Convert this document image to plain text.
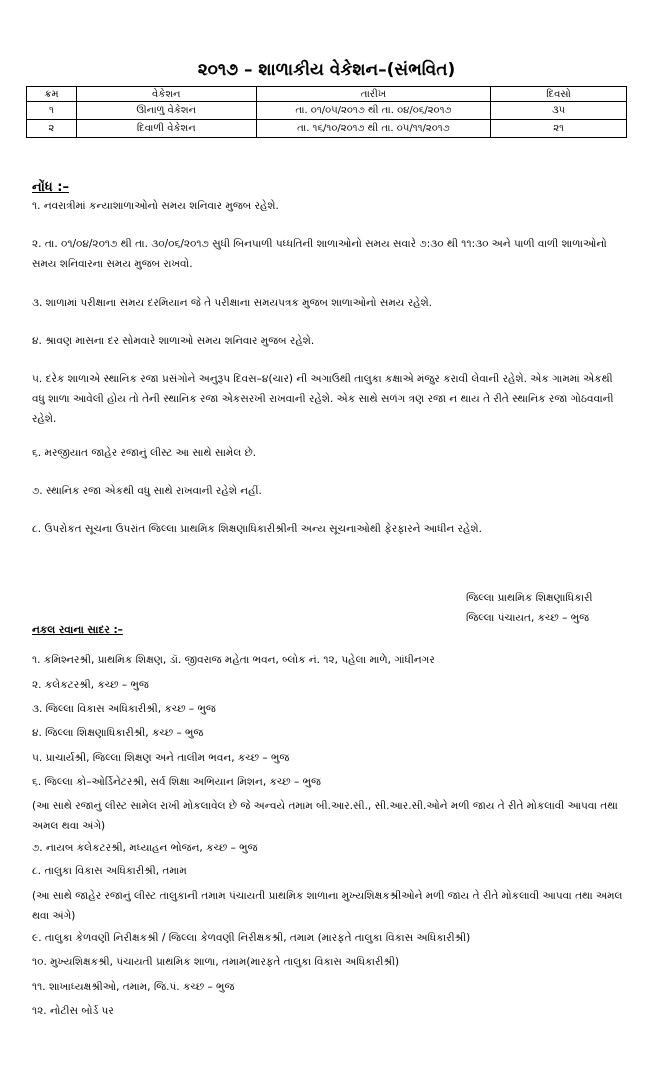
૨૦૧૭ – શાળાકીય વેકેશન–(સંભવિત)
ક્રમ	વેકેશન	તારીખ	દિવસો
૧	ઊનાળુ વેકેશન	તા. ૦૧/૦૫/૨૦૧૭ થી તા. ૦૪/૦૬/૨૦૧૭	૩૫
૨	દિવાળી વેકેશન	તા. ૧૬/૧૦/૨૦૧૭ થી તા. ૦૫/૧૧/૨૦૧૭	૨૧
નોંધ :–
૧. નવરાત્રીમાં કન્યાશાળાઓનો સમય શનિવાર મુજબ રહેશે.
૨. તા. ૦૧/૦૪/૨૦૧૭ થી તા. ૩૦/૦૬/૨૦૧૭ સુધી બિનપાળી પધ્ધતિની શાળાઓનો સમય સવારે ૭:૩૦ થી ૧૧:૩૦ અને પાળી વાળી શાળાઓનો સમય શનિવારના સમય મુજબ રાખવો.
૩. શાળામાં પરીક્ષાના સમય દરમિયાન જે તે પરીક્ષાના સમયપત્રક મુજબ શાળાઓનો સમય રહેશે.
૪. શ્રાવણ માસના દર સોમવારે શાળાઓ સમય શનિવાર મુજબ રહેશે.
૫. દરેક શાળાએ સ્થાનિક રજા પ્રસંગોને અનુરૂપ દિવસ–૪(ચાર) ની અગાઉથી તાલુકા કક્ષાએ મંજુર કરાવી લેવાની રહેશે. એક ગામમાં એકથી વધુ શાળા આવેલી હોય તો તેની સ્થાનિક રજા એકસરખી રાખવાની રહેશે. એક સાથે સળંગ ત્રણ રજા ન થાય તે રીતે સ્થાનિક રજા ગોઠવવાની રહેશે.
૬. મરજીયાત જાહેર રજાનું લીસ્ટ આ સાથે સામેલ છે.
૭. સ્થાનિક રજા એકથી વધુ સાથે રાખવાની રહેશે નહીં.
૮. ઉપરોકત સૂચના ઉપરાંત જિલ્લા પ્રાથમિક શિક્ષણાધિકારીશ્રીની અન્ય સૂચનાઓથી ફેરફારને આધીન રહેશે.
જિલ્લા પ્રાથમિક શિક્ષણાધિકારી
જિલ્લા પંચાયત, કચ્છ – ભુજ
નકલ રવાના સાદર :–
૧. કમિશ્નરશ્રી, પ્રાથમિક શિક્ષણ, ડૉ. જીવરાજ મહેતા ભવન, બ્લોક નં. ૧૨, પહેલા માળે, ગાંધીનગર
૨. કલેકટરશ્રી, કચ્છ – ભુજ
૩. જિલ્લા વિકાસ અધિકારીશ્રી, કચ્છ – ભુજ
૪. જિલ્લા શિક્ષણાધિકારીશ્રી, કચ્છ – ભુજ
૫. પ્રાચાર્યશ્રી, જિલ્લા શિક્ષણ અને તાલીમ ભવન, કચ્છ – ભુજ
૬. જિલ્લા કો–ઓર્ડિનેટરશ્રી, સર્વ શિક્ષા અભિયાન મિશન, કચ્છ – ભુજ
(આ સાથે રજાનું લીસ્ટ સામેલ રાખી મોકલાવેલ છે જે અન્વયે તમામ બી.આર.સી., સી.આર.સી.ઓને મળી જાય તે રીતે મોકલાવી આપવા તથા અમલ થવા અંગે)
૭. નાયબ કલેકટરશ્રી, મધ્યાહન ભોજન, કચ્છ – ભુજ
૮. તાલુકા વિકાસ અધિકારીશ્રી, તમામ
(આ સાથે જાહેર રજાનું લીસ્ટ તાલુકાની તમામ પંચાયતી પ્રાથમિક શાળાના મુખ્યશિક્ષકશ્રીઓને મળી જાય તે રીતે મોકલાવી આપવા તથા અમલ થવા અંગે)
૯. તાલુકા કેળવણી નિરીક્ષકશ્રી / જિલ્લા કેળવણી નિરીક્ષકશ્રી, તમામ (મારફતે તાલુકા વિકાસ અધિકારીશ્રી)
૧૦. મુખ્યશિક્ષકશ્રી, પંચાયતી પ્રાથમિક શાળા, તમામ(મારફતે તાલુકા વિકાસ અધિકારીશ્રી)
૧૧. શાખાધ્યક્ષશ્રીઓ, તમામ, જિ.પં. કચ્છ – ભુજ
૧૨. નોટીસ બોર્ડ પર
